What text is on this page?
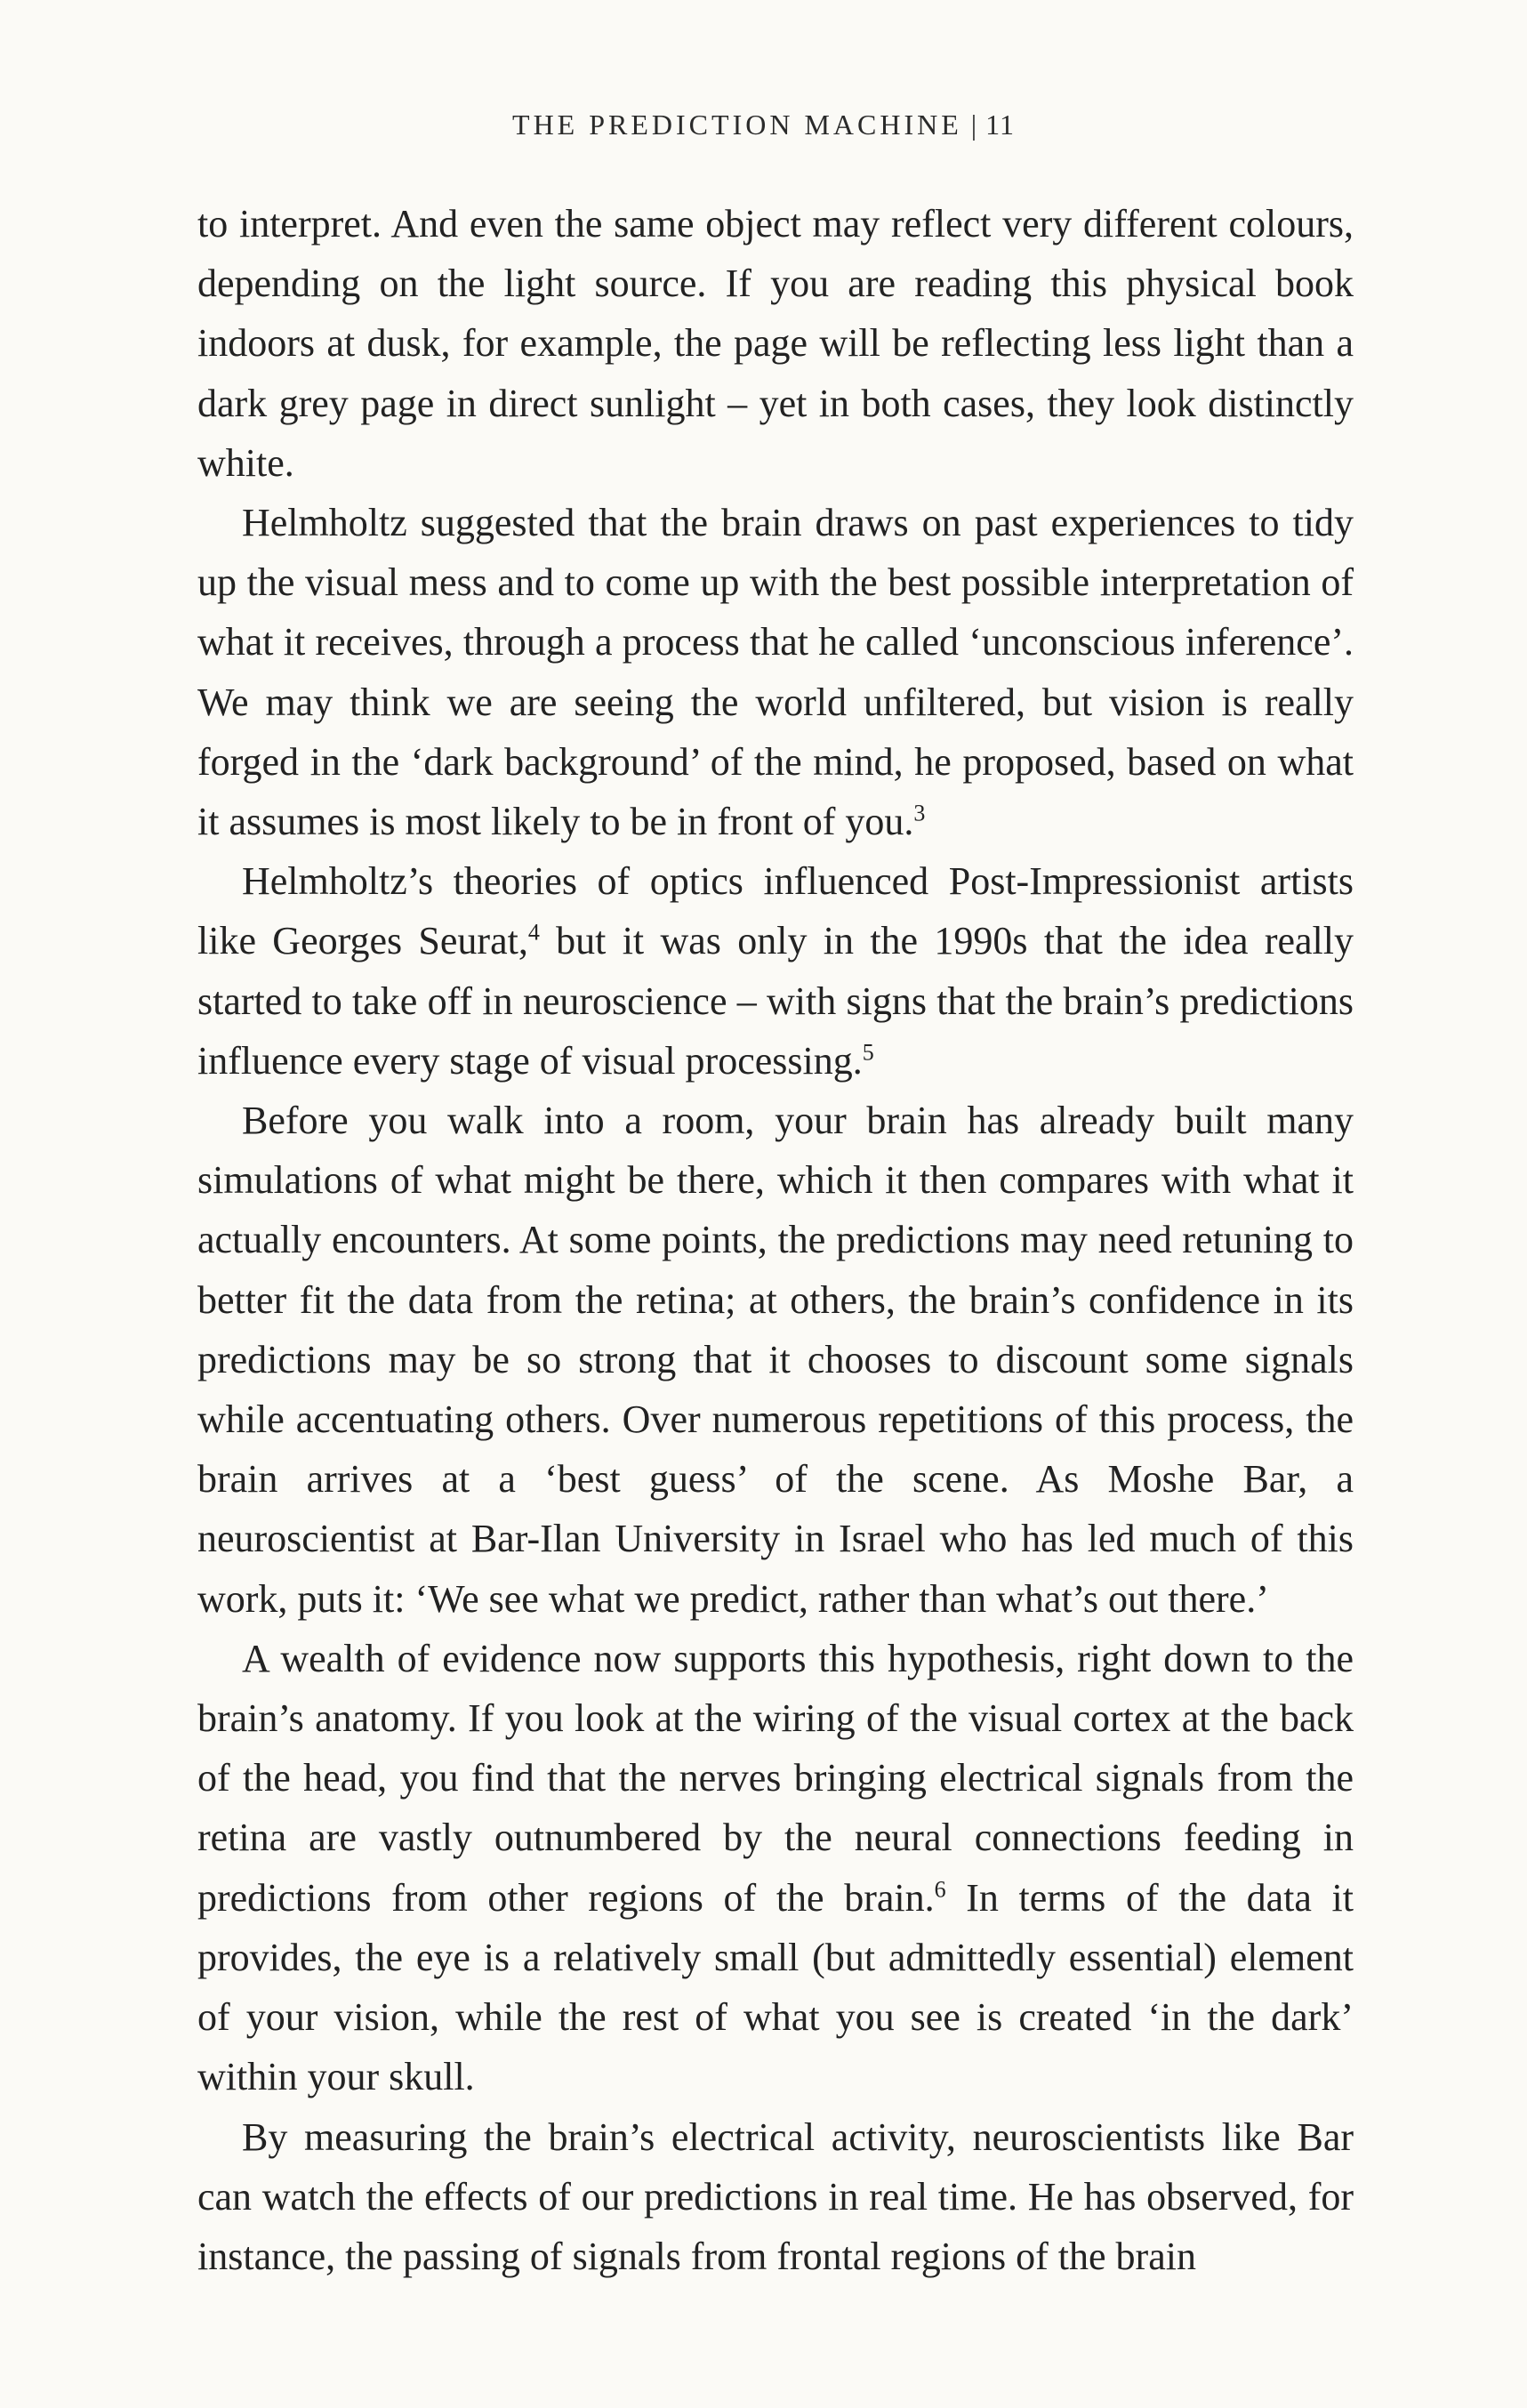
THE PREDICTION MACHINE | 11

to interpret. And even the same object may reflect very different colours, depending on the light source. If you are reading this physical book indoors at dusk, for example, the page will be reflecting less light than a dark grey page in direct sunlight – yet in both cases, they look distinctly white.

Helmholtz suggested that the brain draws on past experiences to tidy up the visual mess and to come up with the best possible interpretation of what it receives, through a process that he called ‘unconscious inference’. We may think we are seeing the world unfiltered, but vision is really forged in the ‘dark background’ of the mind, he proposed, based on what it assumes is most likely to be in front of you.$^3$

Helmholtz’s theories of optics influenced Post-Impressionist artists like Georges Seurat,$^4$ but it was only in the 1990s that the idea really started to take off in neuroscience – with signs that the brain’s predictions influence every stage of visual processing.$^5$

Before you walk into a room, your brain has already built many simulations of what might be there, which it then compares with what it actually encounters. At some points, the predictions may need retuning to better fit the data from the retina; at others, the brain’s confidence in its predictions may be so strong that it chooses to discount some signals while accentuating others. Over numerous repetitions of this process, the brain arrives at a ‘best guess’ of the scene. As Moshe Bar, a neuroscientist at Bar-Ilan University in Israel who has led much of this work, puts it: ‘We see what we predict, rather than what’s out there.’

A wealth of evidence now supports this hypothesis, right down to the brain’s anatomy. If you look at the wiring of the visual cortex at the back of the head, you find that the nerves bringing electrical signals from the retina are vastly outnumbered by the neural connections feeding in predictions from other regions of the brain.$^6$ In terms of the data it provides, the eye is a relatively small (but admittedly essential) element of your vision, while the rest of what you see is created ‘in the dark’ within your skull.

By measuring the brain’s electrical activity, neuroscientists like Bar can watch the effects of our predictions in real time. He has observed, for instance, the passing of signals from frontal regions of the brain
